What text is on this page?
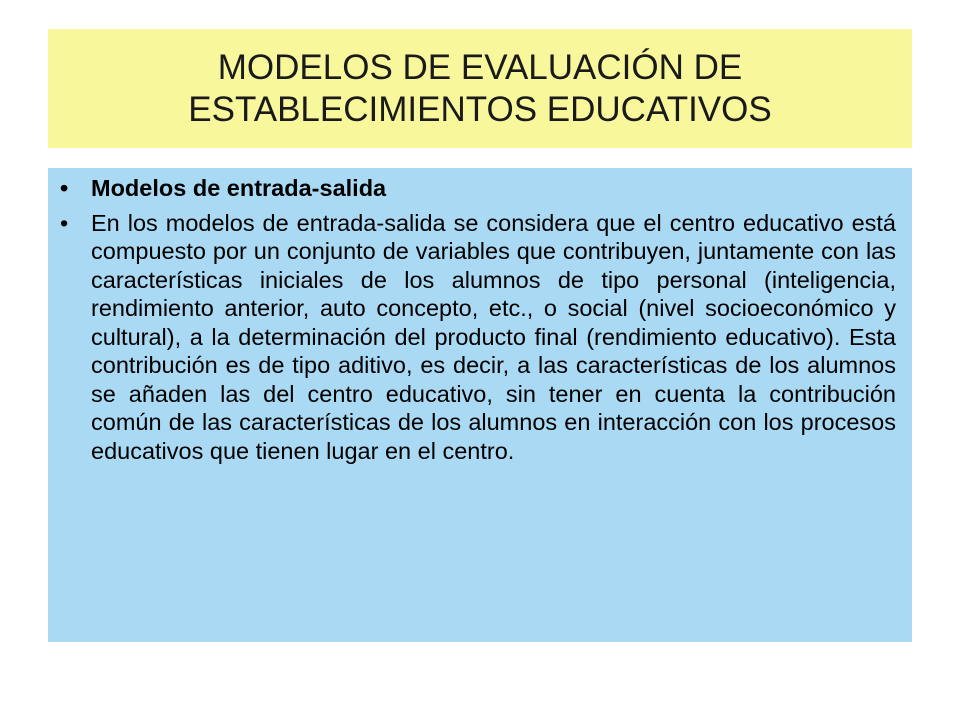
MODELOS DE EVALUACIÓN DE
ESTABLECIMIENTOS EDUCATIVOS
• Modelos de entrada-salida
• En los modelos de entrada-salida se considera que el centro educativo está compuesto por un conjunto de variables que contribuyen, juntamente con las características iniciales de los alumnos de tipo personal (inteligencia, rendimiento anterior, auto concepto, etc., o social (nivel socioeconómico y cultural), a la determinación del producto final (rendimiento educativo). Esta contribución es de tipo aditivo, es decir, a las características de los alumnos se añaden las del centro educativo, sin tener en cuenta la contribución común de las características de los alumnos en interacción con los procesos educativos que tienen lugar en el centro.
